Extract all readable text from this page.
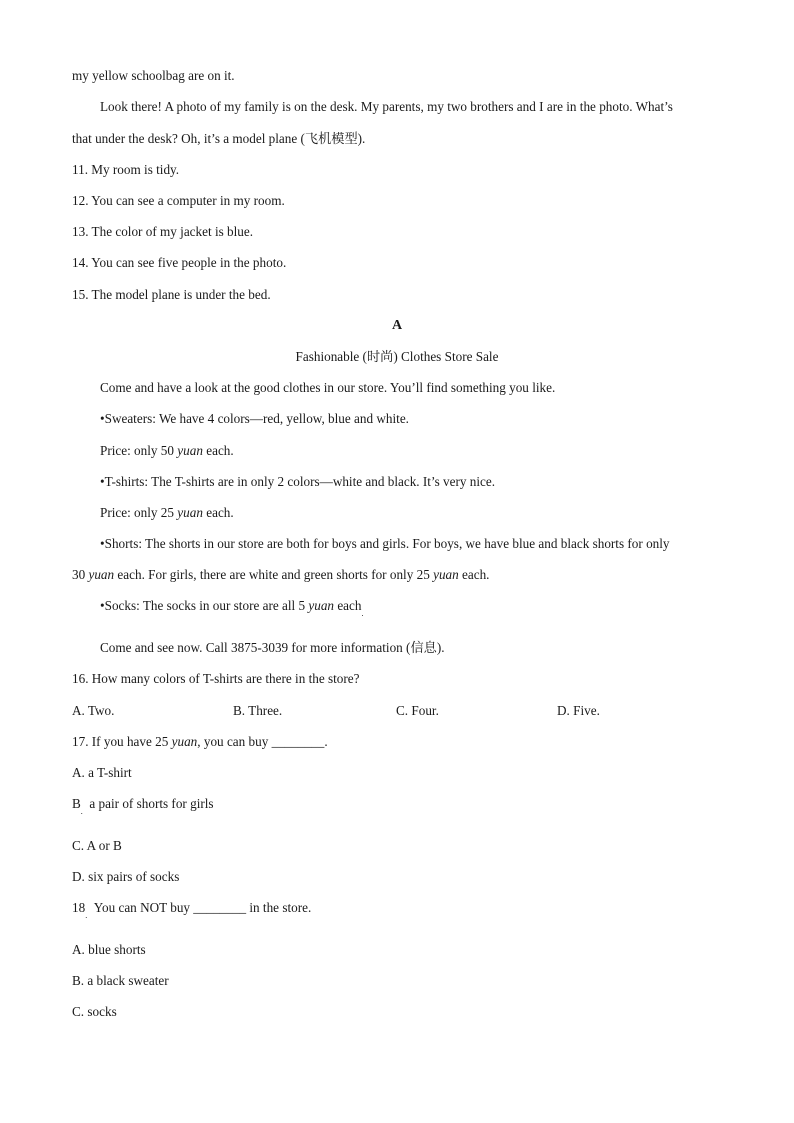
my yellow schoolbag are on it.
Look there! A photo of my family is on the desk. My parents, my two brothers and I are in the photo. What’s
that under the desk? Oh, it’s a model plane (飞机模型).
11. My room is tidy.
12. You can see a computer in my room.
13. The color of my jacket is blue.
14. You can see five people in the photo.
15. The model plane is under the bed.
A
Fashionable (时尚) Clothes Store Sale
Come and have a look at the good clothes in our store. You’ll find something you like.
•Sweaters: We have 4 colors—red, yellow, blue and white.
Price: only 50 yuan each.
•T-shirts: The T-shirts are in only 2 colors—white and black. It’s very nice.
Price: only 25 yuan each.
•Shorts: The shorts in our store are both for boys and girls. For boys, we have blue and black shorts for only
30 yuan each. For girls, there are white and green shorts for only 25 yuan each.
•Socks: The socks in our store are all 5 yuan each$_.$
Come and see now. Call 3875-3039 for more information (信息).
16. How many colors of T-shirts are there in the store?
A. Two.	B. Three.	C. Four.	D. Five.
17. If you have 25 yuan, you can buy ________.
A. a T-shirt
$B_.$  a pair of shorts for girls
C. A or B
D. six pairs of socks
$18_.$  You can NOT buy ________ in the store.
A. blue shorts
B. a black sweater
C. socks
